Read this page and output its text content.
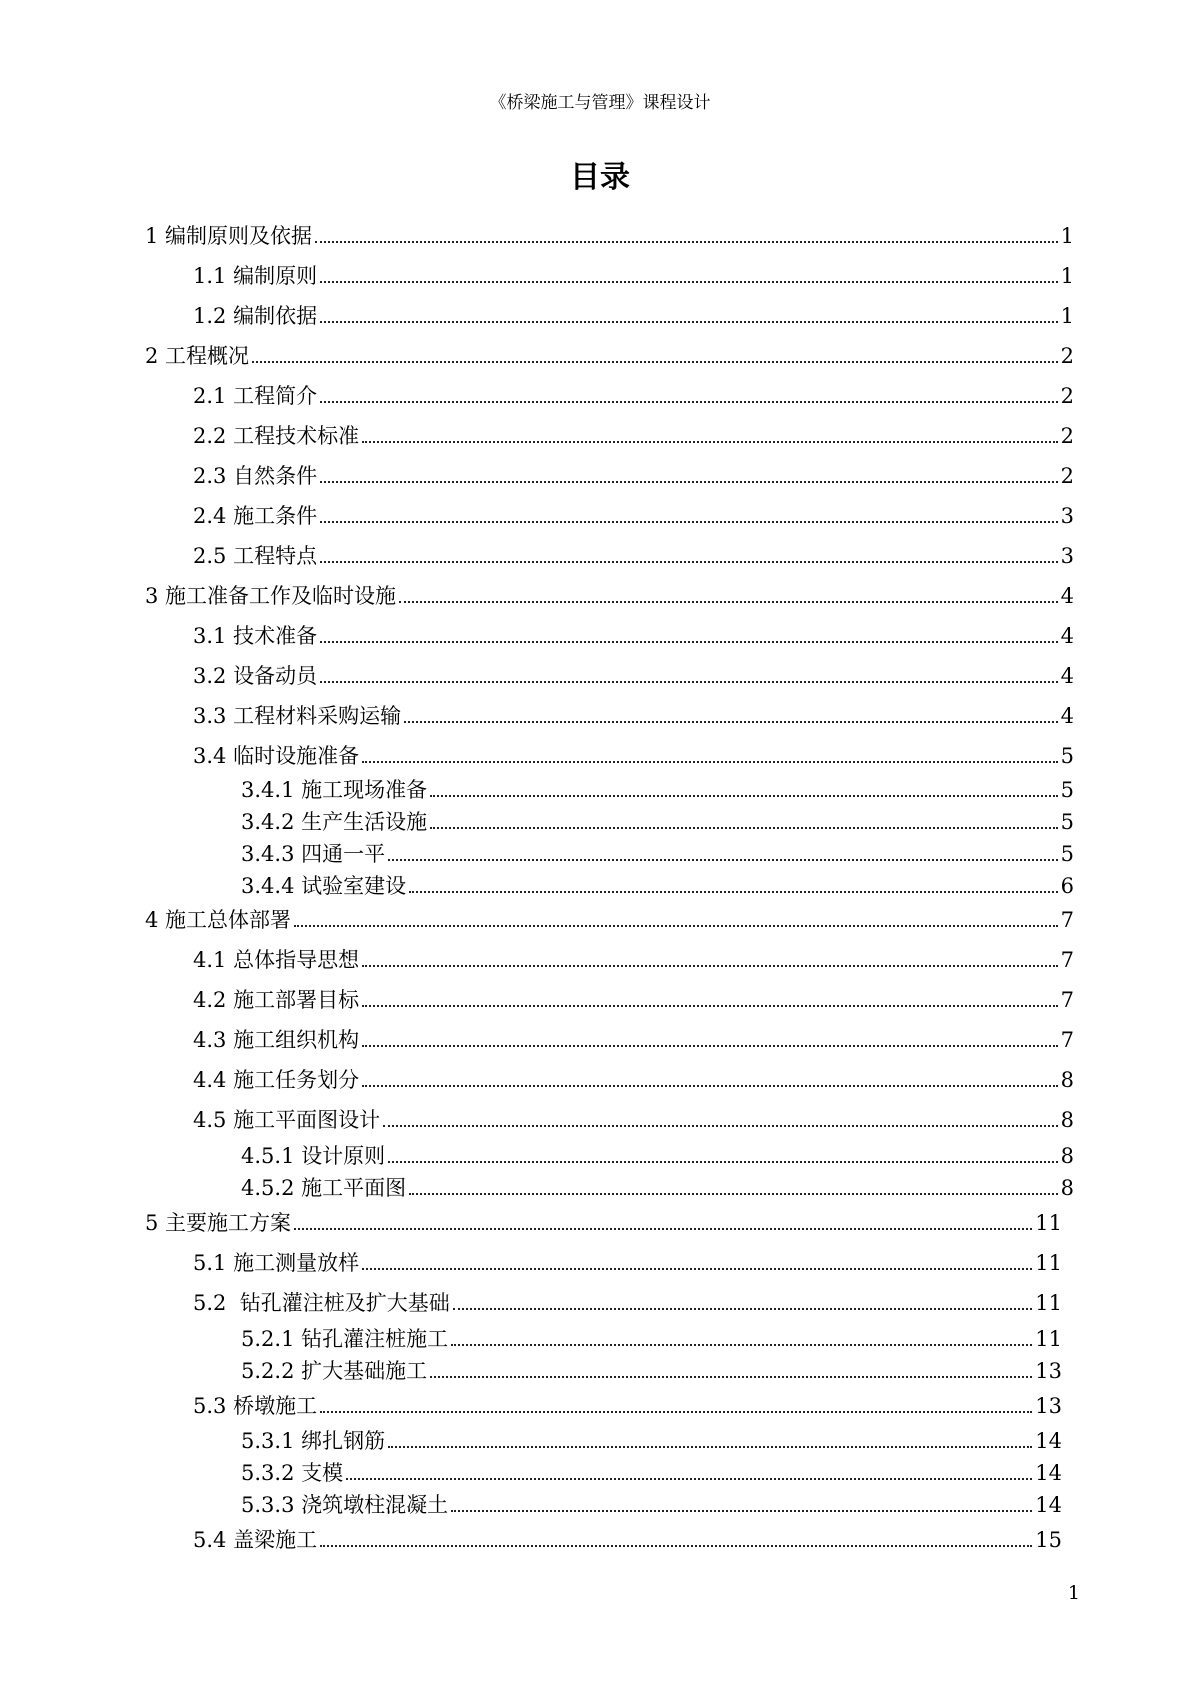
《桥梁施工与管理》课程设计
目录
1 编制原则及依据	1
1.1 编制原则	1
1.2 编制依据	1
2 工程概况	2
2.1 工程简介	2
2.2 工程技术标准	2
2.3 自然条件	2
2.4 施工条件	3
2.5 工程特点	3
3 施工准备工作及临时设施	4
3.1 技术准备	4
3.2 设备动员	4
3.3 工程材料采购运输	4
3.4 临时设施准备	5
3.4.1 施工现场准备	5
3.4.2 生产生活设施	5
3.4.3 四通一平	5
3.4.4 试验室建设	6
4 施工总体部署	7
4.1 总体指导思想	7
4.2 施工部署目标	7
4.3 施工组织机构	7
4.4 施工任务划分	8
4.5 施工平面图设计	8
4.5.1 设计原则	8
4.5.2 施工平面图	8
5 主要施工方案	11
5.1 施工测量放样	11
5.2  钻孔灌注桩及扩大基础	11
5.2.1 钻孔灌注桩施工	11
5.2.2 扩大基础施工	13
5.3 桥墩施工	13
5.3.1 绑扎钢筋	14
5.3.2 支模	14
5.3.3 浇筑墩柱混凝土	14
5.4 盖梁施工	15
1
